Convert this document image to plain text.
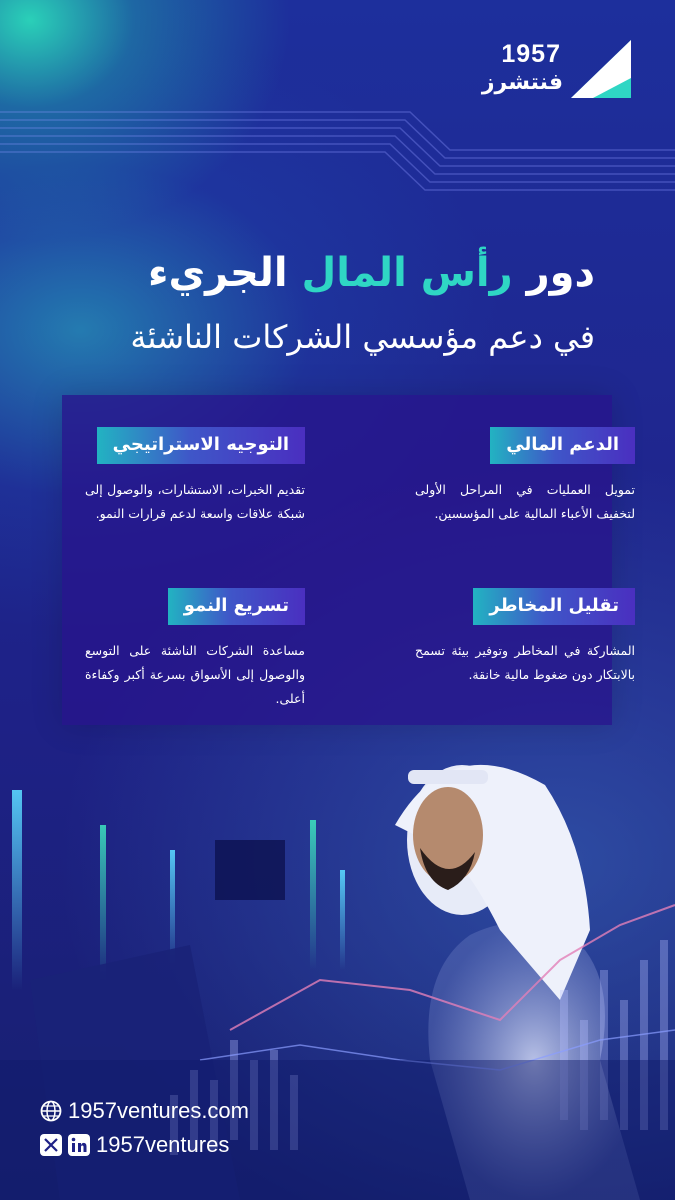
1957
فنتشرز
دور رأس المال الجريء
في دعم مؤسسي الشركات الناشئة
الدعم المالي
تمويل العمليات في المراحل الأولى لتخفيف الأعباء المالية على المؤسسين.
التوجيه الاستراتيجي
تقديم الخبرات، الاستشارات، والوصول إلى شبكة علاقات واسعة لدعم قرارات النمو.
تقليل المخاطر
المشاركة في المخاطر وتوفير بيئة تسمح بالابتكار دون ضغوط مالية خانقة.
تسريع النمو
مساعدة الشركات الناشئة على التوسع والوصول إلى الأسواق بسرعة أكبر وكفاءة أعلى.
1957ventures.com
1957ventures
